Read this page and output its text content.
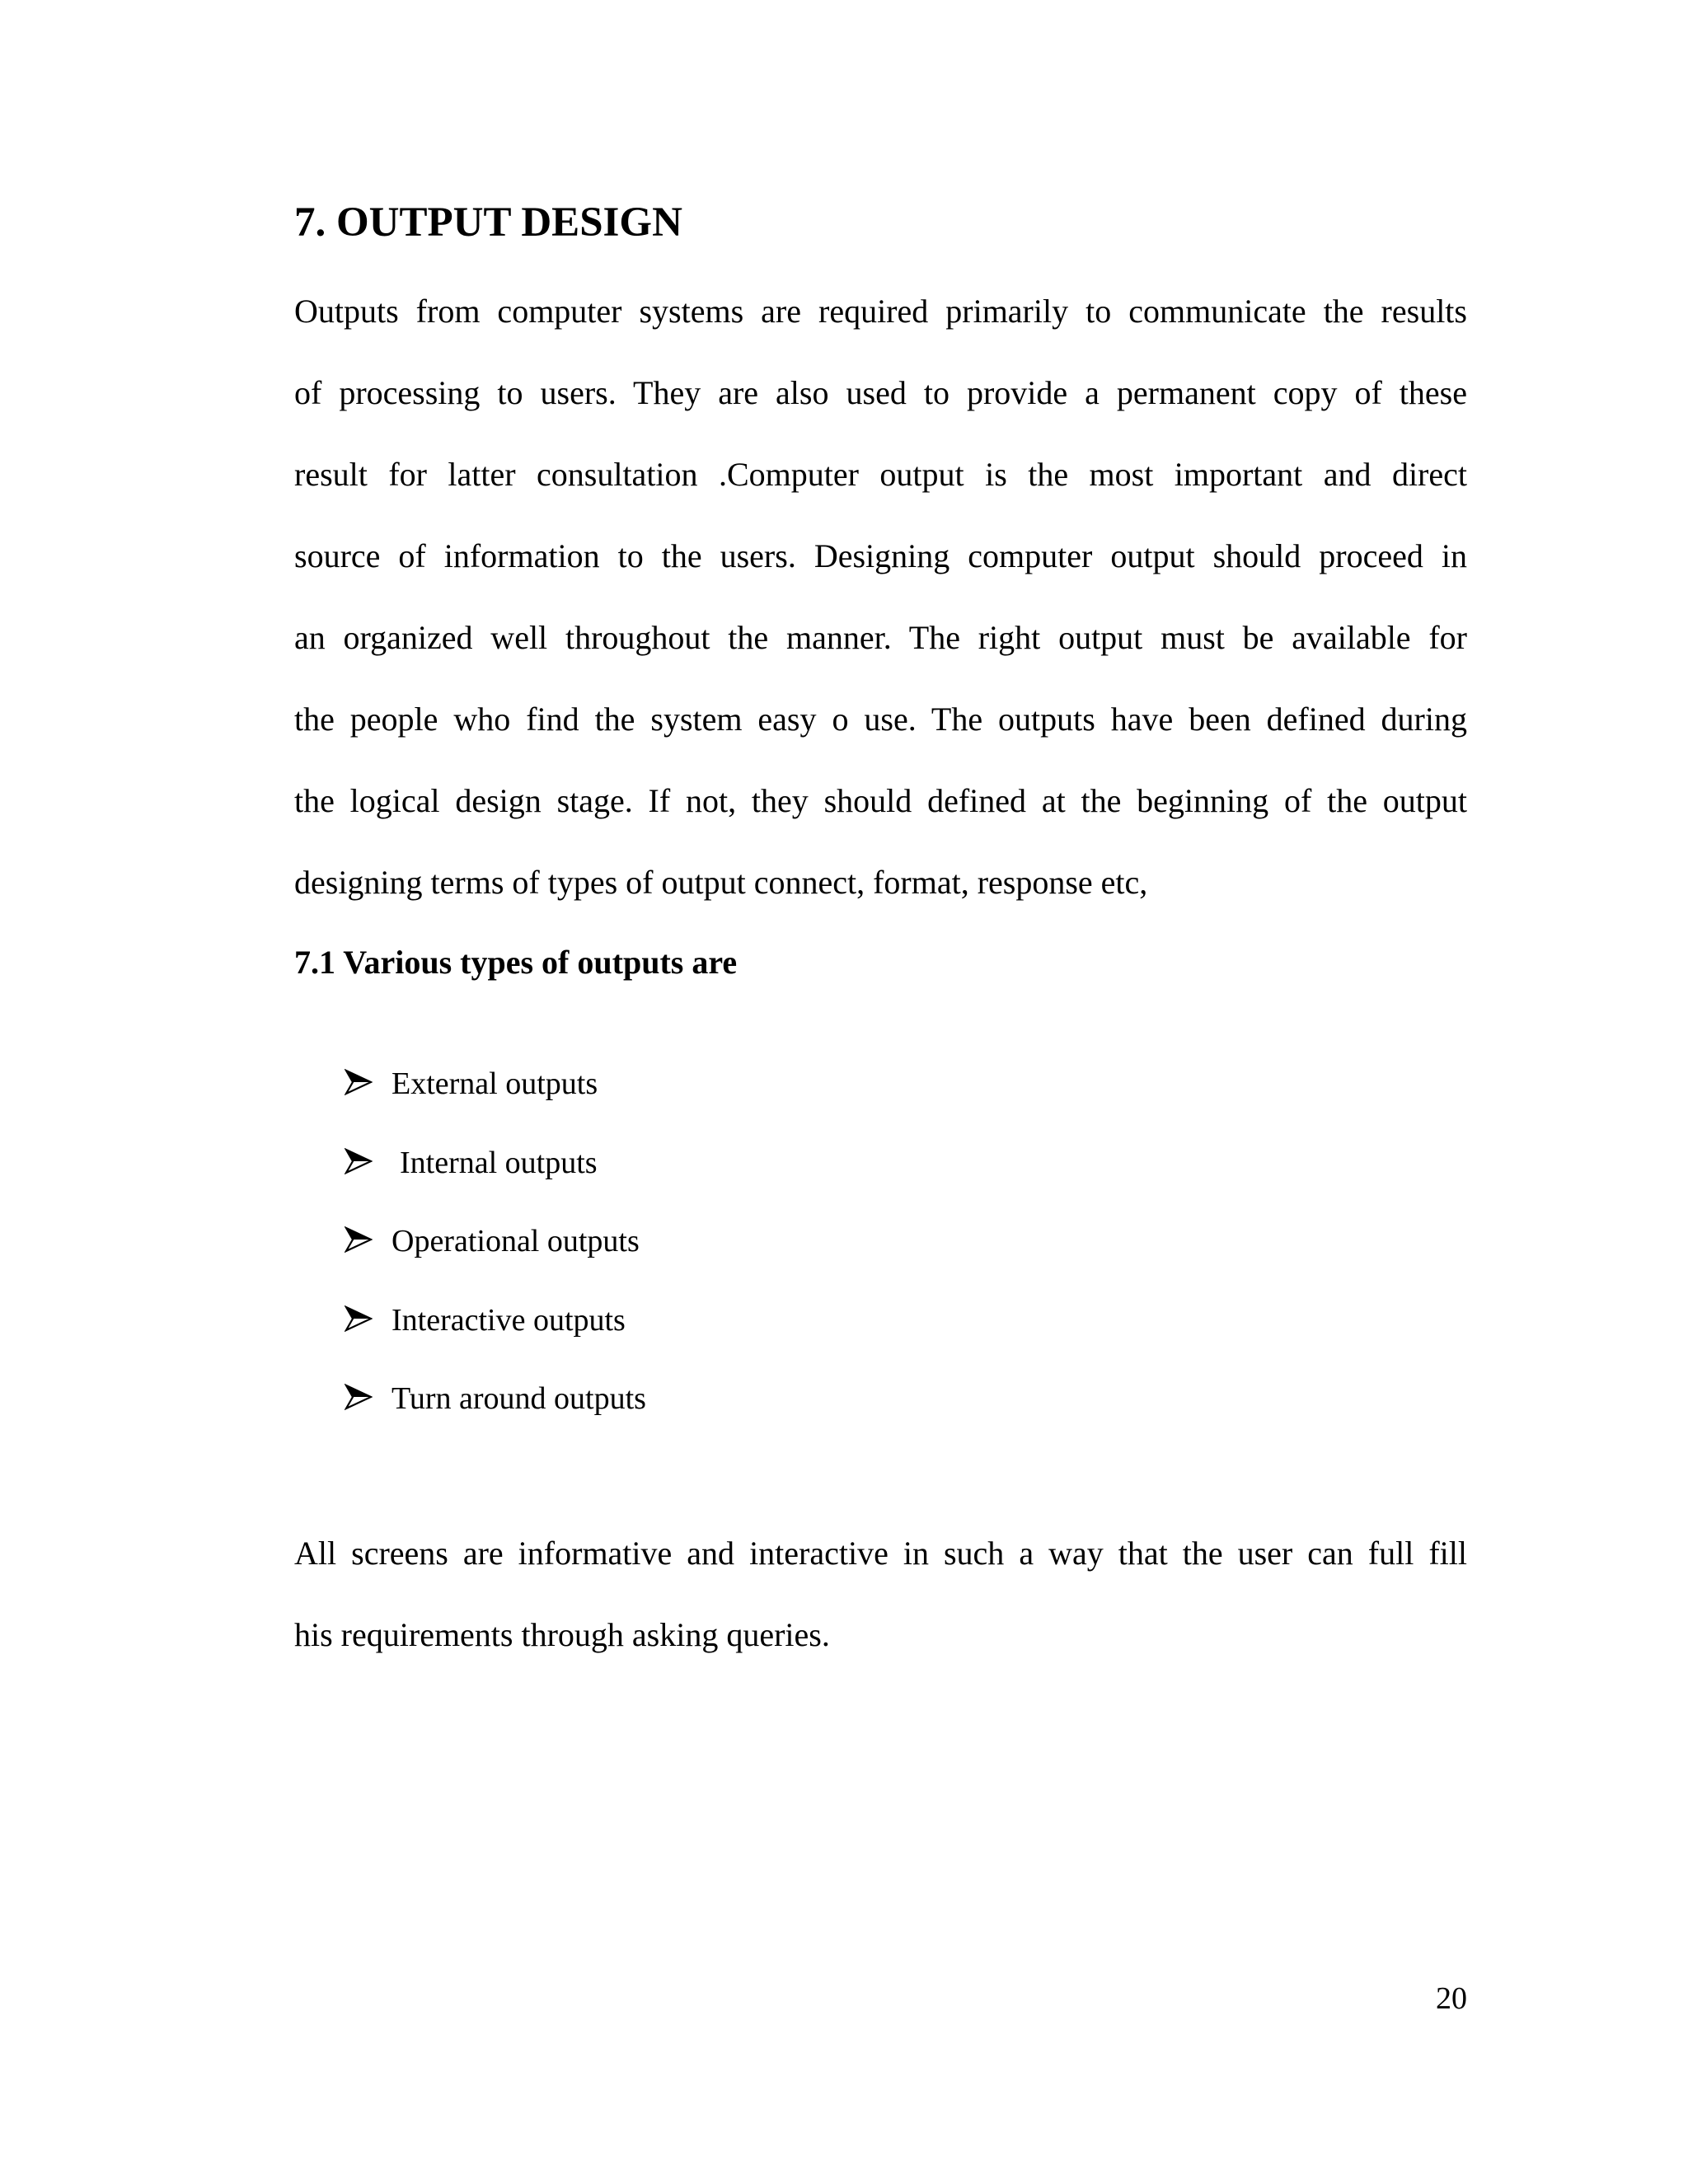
7. OUTPUT DESIGN

Outputs from computer systems are required primarily to communicate the results

of processing to users. They are also used to provide a permanent copy of these

result for latter consultation .Computer output is the most important and direct

source of information to the users. Designing computer output should proceed in

an organized well throughout the manner. The right output must be available for

the people who find the system easy o use. The outputs have been defined during

the logical design stage. If not, they should defined at the beginning of the output

designing terms of types of output connect, format, response etc,

7.1 Various types of outputs are
External outputs
Internal outputs
Operational outputs
Interactive outputs
Turn around outputs

All screens are informative and interactive in such a way that the user can full fill

his requirements through asking queries.

20
